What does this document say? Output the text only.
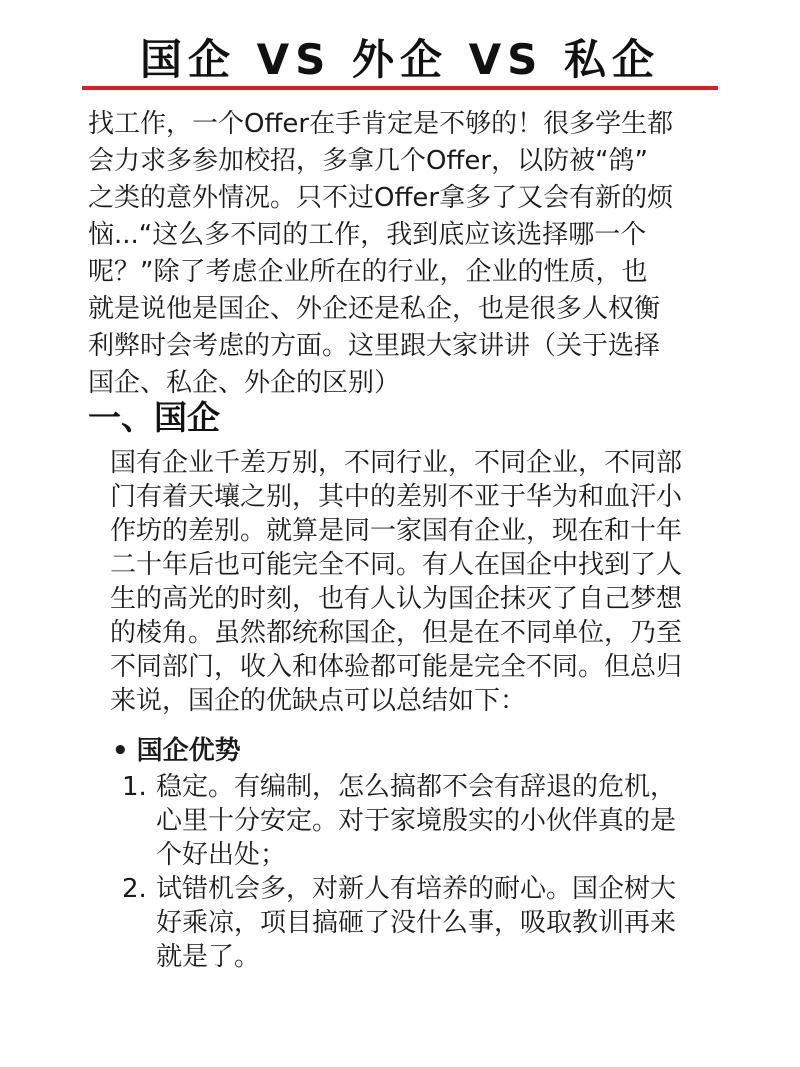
国企 VS 外企 VS 私企
找工作，一个Offer在手肯定是不够的！很多学生都
会力求多参加校招，多拿几个Offer，以防被“鸽”
之类的意外情况。只不过Offer拿多了又会有新的烦
恼...“这么多不同的工作，我到底应该选择哪一个
呢？”除了考虑企业所在的行业，企业的性质，也
就是说他是国企、外企还是私企，也是很多人权衡
利弊时会考虑的方面。这里跟大家讲讲（关于选择
国企、私企、外企的区别）
一、国企
国有企业千差万别，不同行业，不同企业，不同部
门有着天壤之别，其中的差别不亚于华为和血汗小
作坊的差别。就算是同一家国有企业，现在和十年
二十年后也可能完全不同。有人在国企中找到了人
生的高光的时刻，也有人认为国企抹灭了自己梦想
的棱角。虽然都统称国企，但是在不同单位，乃至
不同部门，收入和体验都可能是完全不同。但总归
来说，国企的优缺点可以总结如下：
• 国企优势
1. 稳定。有编制，怎么搞都不会有辞退的危机，
心里十分安定。对于家境殷实的小伙伴真的是
个好出处；
2. 试错机会多，对新人有培养的耐心。国企树大
好乘凉，项目搞砸了没什么事，吸取教训再来
就是了。
